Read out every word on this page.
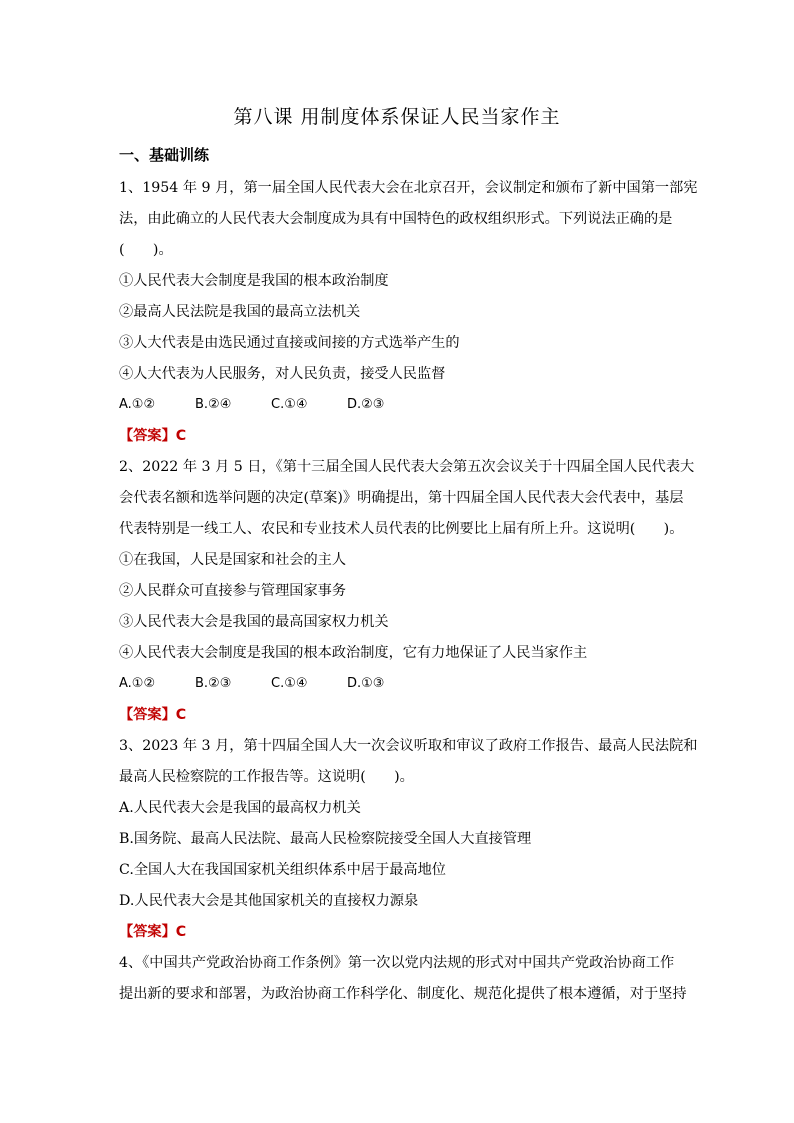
第八课 用制度体系保证人民当家作主
一、基础训练
1、1954 年 9 月，第一届全国人民代表大会在北京召开，会议制定和颁布了新中国第一部宪
法，由此确立的人民代表大会制度成为具有中国特色的政权组织形式。下列说法正确的是
(　　)。
①人民代表大会制度是我国的根本政治制度
②最高人民法院是我国的最高立法机关
③人大代表是由选民通过直接或间接的方式选举产生的
④人大代表为人民服务，对人民负责，接受人民监督
A.①②	B.②④	C.①④	D.②③
【答案】C
2、2022 年 3 月 5 日，《第十三届全国人民代表大会第五次会议关于十四届全国人民代表大
会代表名额和选举问题的决定(草案)》明确提出，第十四届全国人民代表大会代表中，基层
代表特别是一线工人、农民和专业技术人员代表的比例要比上届有所上升。这说明(　　)。
①在我国，人民是国家和社会的主人
②人民群众可直接参与管理国家事务
③人民代表大会是我国的最高国家权力机关
④人民代表大会制度是我国的根本政治制度，它有力地保证了人民当家作主
A.①②	B.②③	C.①④	D.①③
【答案】C
3、2023 年 3 月，第十四届全国人大一次会议听取和审议了政府工作报告、最高人民法院和
最高人民检察院的工作报告等。这说明(　　)。
A.人民代表大会是我国的最高权力机关
B.国务院、最高人民法院、最高人民检察院接受全国人大直接管理
C.全国人大在我国国家机关组织体系中居于最高地位
D.人民代表大会是其他国家机关的直接权力源泉
【答案】C
4、《中国共产党政治协商工作条例》第一次以党内法规的形式对中国共产党政治协商工作
提出新的要求和部署，为政治协商工作科学化、制度化、规范化提供了根本遵循，对于坚持
